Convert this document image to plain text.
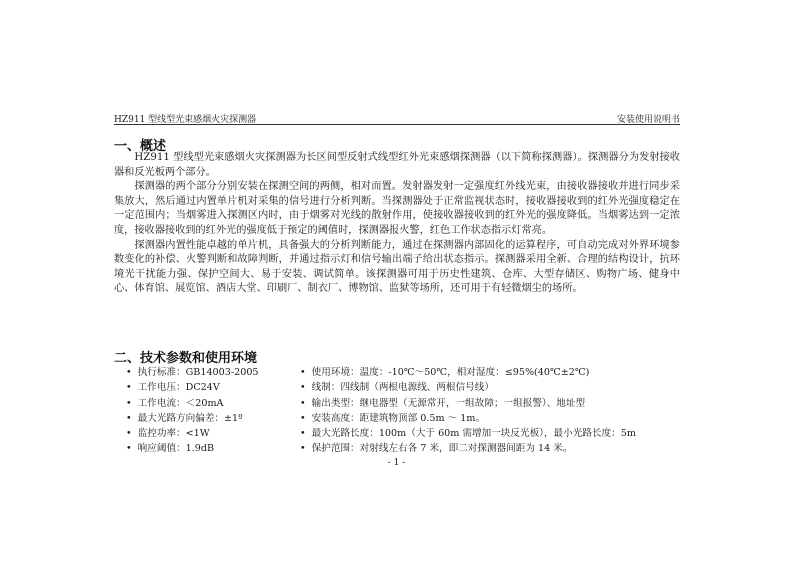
HZ911 型线型光束感烟火灾探测器	安装使用说明书
一、概述

HZ911 型线型光束感烟火灾探测器为长区间型反射式线型红外光束感烟探测器（以下简称探测器）。探测器分为发射接收器和反光板两个部分。

探测器的两个部分分别安装在探测空间的两侧，相对而置。发射器发射一定强度红外线光束，由接收器接收并进行同步采集放大，然后通过内置单片机对采集的信号进行分析判断。当探测器处于正常监视状态时，接收器接收到的红外光强度稳定在一定范围内；当烟雾进入探测区内时，由于烟雾对光线的散射作用，使接收器接收到的红外光的强度降低。当烟雾达到一定浓度，接收器接收到的红外光的强度低于预定的阈值时，探测器报火警，红色工作状态指示灯常亮。

探测器内置性能卓越的单片机，具备强大的分析判断能力，通过在探测器内部固化的运算程序，可自动完成对外界环境参数变化的补偿、火警判断和故障判断，并通过指示灯和信号输出端子给出状态指示。探测器采用全新、合理的结构设计，抗环境光干扰能力强、保护空间大、易于安装、调试简单。该探测器可用于历史性建筑、仓库、大型存储区、购物广场、健身中心、体育馆、展览馆、酒店大堂、印刷厂、制衣厂、博物馆、监狱等场所，还可用于有轻微烟尘的场所。

二、技术参数和使用环境
• 执行标准：GB14003-2005	• 使用环境：温度：-10℃～50℃，相对湿度：≤95%(40℃±2℃)
• 工作电压：DC24V	• 线制：四线制（两根电源线、两根信号线）
• 工作电流：＜20mA	• 输出类型：继电器型（无源常开，一组故障；一组报警）、地址型
• 最大光路方向偏差：±1º	• 安装高度：距建筑物顶部 0.5m ～ 1m。
• 监控功率：<1W	• 最大光路长度：100m（大于 60m 需增加一块反光板），最小光路长度：5m
• 响应阈值：1.9dB	• 保护范围：对射线左右各 7 米，即二对探测器间距为 14 米。
- 1 -
